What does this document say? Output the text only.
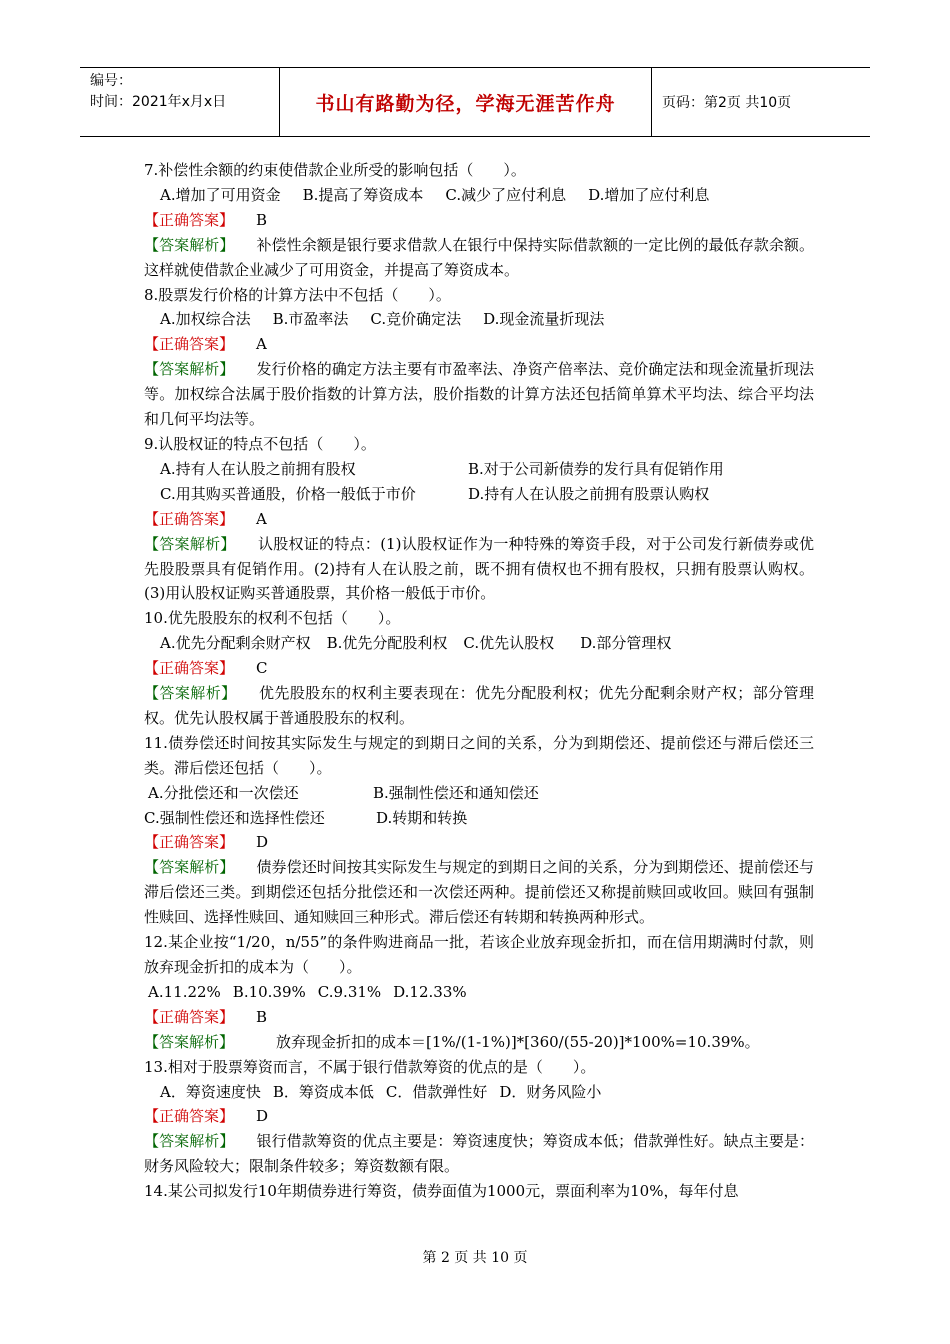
编号：
时间：2021年x月x日	书山有路勤为径，学海无涯苦作舟	页码：第2页 共10页
7.补偿性余额的约束使借款企业所受的影响包括（　　）。
A.增加了可用资金 B.提高了筹资成本 C.减少了应付利息 D.增加了应付利息
【正确答案】 B
【答案解析】 补偿性余额是银行要求借款人在银行中保持实际借款额的一定比例的最低存款余额。这样就使借款企业减少了可用资金，并提高了筹资成本。
8.股票发行价格的计算方法中不包括（　　）。
A.加权综合法 B.市盈率法 C.竞价确定法 D.现金流量折现法
【正确答案】 A
【答案解析】 发行价格的确定方法主要有市盈率法、净资产倍率法、竞价确定法和现金流量折现法等。加权综合法属于股价指数的计算方法，股价指数的计算方法还包括简单算术平均法、综合平均法和几何平均法等。
9.认股权证的特点不包括（　　）。
A.持有人在认股之前拥有股权	B.对于公司新债券的发行具有促销作用
C.用其购买普通股，价格一般低于市价	D.持有人在认股之前拥有股票认购权
【正确答案】 A
【答案解析】 认股权证的特点：(1)认股权证作为一种特殊的筹资手段，对于公司发行新债券或优先股股票具有促销作用。(2)持有人在认股之前，既不拥有债权也不拥有股权，只拥有股票认购权。(3)用认股权证购买普通股票，其价格一般低于市价。
10.优先股股东的权利不包括（　　）。
A.优先分配剩余财产权 B.优先分配股利权 C.优先认股权 D.部分管理权
【正确答案】 C
【答案解析】 优先股股东的权利主要表现在：优先分配股利权；优先分配剩余财产权；部分管理权。优先认股权属于普通股股东的权利。
11.债券偿还时间按其实际发生与规定的到期日之间的关系，分为到期偿还、提前偿还与滞后偿还三类。滞后偿还包括（　　）。
A.分批偿还和一次偿还	B.强制性偿还和通知偿还
C.强制性偿还和选择性偿还	D.转期和转换
【正确答案】 D
【答案解析】 债券偿还时间按其实际发生与规定的到期日之间的关系，分为到期偿还、提前偿还与滞后偿还三类。到期偿还包括分批偿还和一次偿还两种。提前偿还又称提前赎回或收回。赎回有强制性赎回、选择性赎回、通知赎回三种形式。滞后偿还有转期和转换两种形式。
12.某企业按“1/20，n/55”的条件购进商品一批，若该企业放弃现金折扣，而在信用期满时付款，则放弃现金折扣的成本为（　　）。
A.11.22% B.10.39% C.9.31% D.12.33%
【正确答案】 B
【答案解析】	放弃现金折扣的成本＝[1%/(1-1%)]*[360/(55-20)]*100%=10.39%。
13.相对于股票筹资而言，不属于银行借款筹资的优点的是（　　）。
A．筹资速度快 B．筹资成本低 C．借款弹性好 D．财务风险小
【正确答案】 D
【答案解析】 银行借款筹资的优点主要是：筹资速度快；筹资成本低；借款弹性好。缺点主要是：财务风险较大；限制条件较多；筹资数额有限。
14.某公司拟发行10年期债券进行筹资，债券面值为1000元，票面利率为10%，每年付息
第 2 页 共 10 页
